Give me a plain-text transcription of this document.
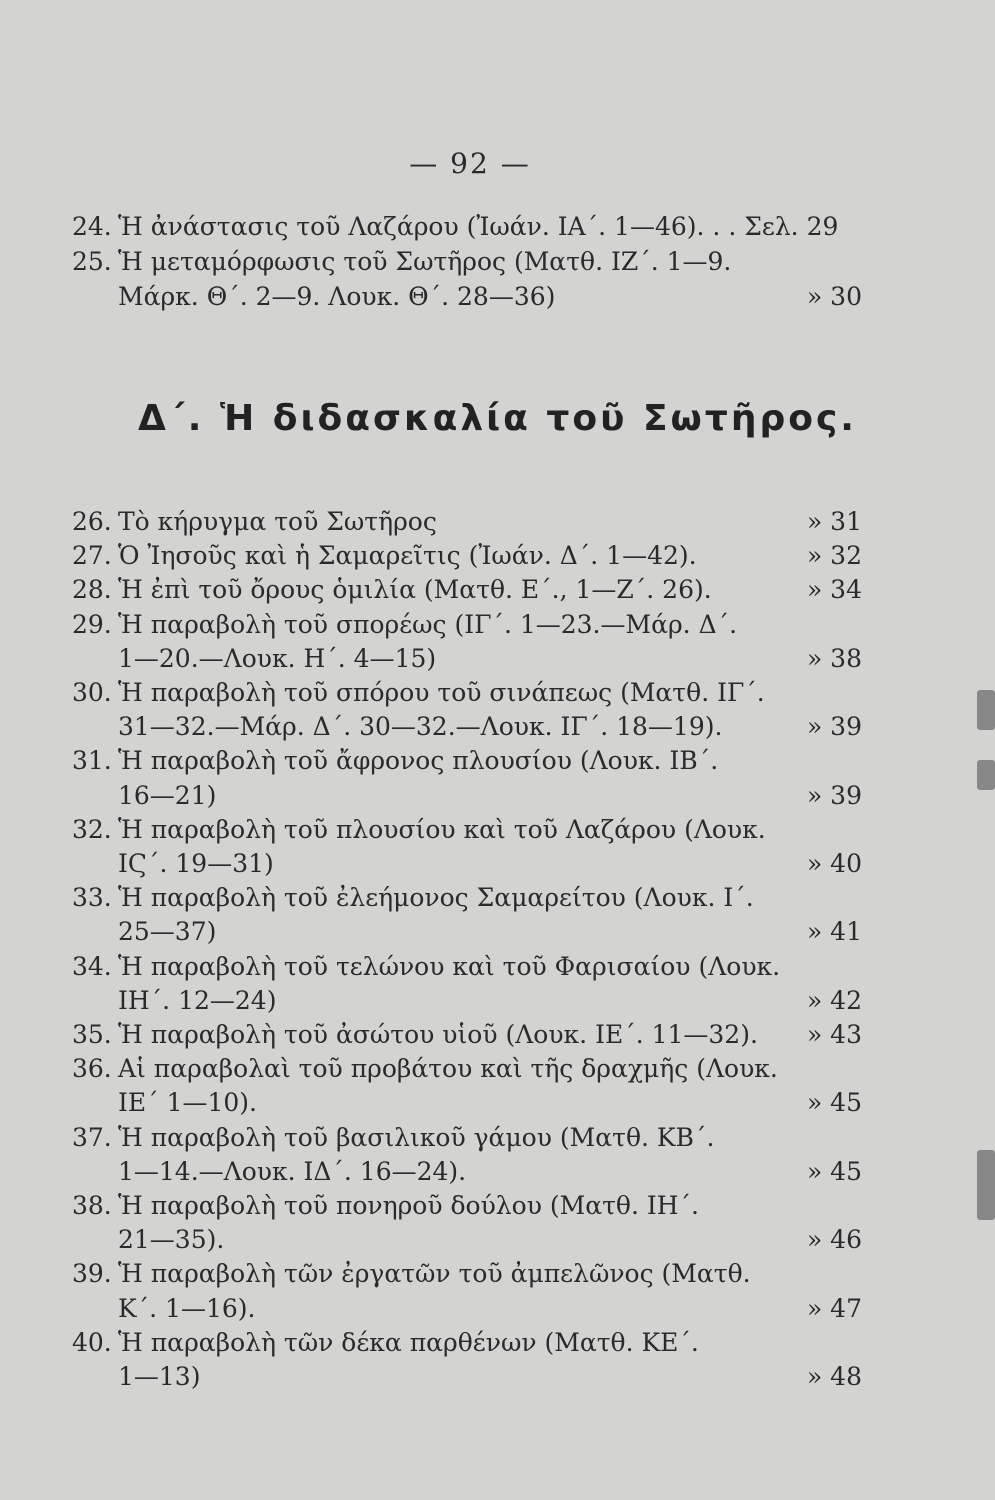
— 92 —
24. Ἡ ἀνάστασις τοῦ Λαζάρου (Ἰωάν. ΙΑ΄. 1—46). . . Σελ. 29
25. Ἡ μεταμόρφωσις τοῦ Σωτῆρος (Ματθ. ΙΖ΄. 1—9.
Μάρκ. Θ΄. 2—9. Λουκ. Θ΄. 28—36)	» 30
Δ΄. Ἡ διδασκαλία τοῦ Σωτῆρος.
26. Τὸ κήρυγμα τοῦ Σωτῆρος	» 31
27. Ὁ Ἰησοῦς καὶ ἡ Σαμαρεῖτις (Ἰωάν. Δ΄. 1—42).	» 32
28. Ἡ ἐπὶ τοῦ ὄρους ὁμιλία (Ματθ. Ε΄., 1—Ζ΄. 26).	» 34
29. Ἡ παραβολὴ τοῦ σπορέως (ΙΓ΄. 1—23.—Μάρ. Δ΄.
1—20.—Λουκ. Η΄. 4—15)	» 38
30. Ἡ παραβολὴ τοῦ σπόρου τοῦ σινάπεως (Ματθ. ΙΓ΄.
31—32.—Μάρ. Δ΄. 30—32.—Λουκ. ΙΓ΄. 18—19).	» 39
31. Ἡ παραβολὴ τοῦ ἄφρονος πλουσίου (Λουκ. ΙΒ΄.
16—21)	» 39
32. Ἡ παραβολὴ τοῦ πλουσίου καὶ τοῦ Λαζάρου (Λουκ.
ΙϚ΄. 19—31)	» 40
33. Ἡ παραβολὴ τοῦ ἐλεήμονος Σαμαρείτου (Λουκ. Ι΄.
25—37)	» 41
34. Ἡ παραβολὴ τοῦ τελώνου καὶ τοῦ Φαρισαίου (Λουκ.
ΙΗ΄. 12—24)	» 42
35. Ἡ παραβολὴ τοῦ ἀσώτου υἱοῦ (Λουκ. ΙΕ΄. 11—32). » 43
36. Αἱ παραβολαὶ τοῦ προβάτου καὶ τῆς δραχμῆς (Λουκ.
ΙΕ΄ 1—10).	» 45
37. Ἡ παραβολὴ τοῦ βασιλικοῦ γάμου (Ματθ. ΚΒ΄.
1—14.—Λουκ. ΙΔ΄. 16—24).	» 45
38. Ἡ παραβολὴ τοῦ πονηροῦ δούλου (Ματθ. ΙΗ΄.
21—35).	» 46
39. Ἡ παραβολὴ τῶν ἐργατῶν τοῦ ἀμπελῶνος (Ματθ.
Κ΄. 1—16).	» 47
40. Ἡ παραβολὴ τῶν δέκα παρθένων (Ματθ. ΚΕ΄.
1—13)	» 48
